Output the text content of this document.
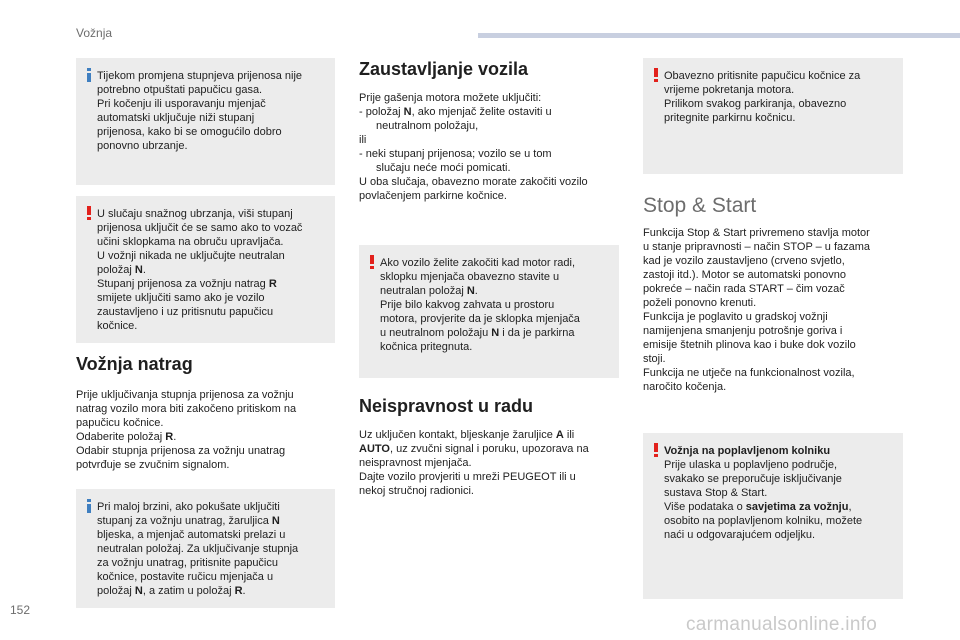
Vožnja

Tijekom promjena stupnjeva prijenosa nije

potrebno otpuštati papučicu gasa.

Pri kočenju ili usporavanju mjenjač

automatski uključuje niži stupanj

prijenosa, kako bi se omogućilo dobro

ponovno ubrzanje.

U slučaju snažnog ubrzanja, viši stupanj

prijenosa uključit će se samo ako to vozač

učini sklopkama na obruču upravljača.

U vožnji nikada ne uključujte neutralan

položaj N.

Stupanj prijenosa za vožnju natrag R

smijete uključiti samo ako je vozilo

zaustavljeno i uz pritisnutu papučicu

kočnice.

Vožnja natrag

Prije uključivanja stupnja prijenosa za vožnju

natrag vozilo mora biti zakočeno pritiskom na

papučicu kočnice.

Odaberite položaj R.

Odabir stupnja prijenosa za vožnju unatrag

potvrđuje se zvučnim signalom.

Pri maloj brzini, ako pokušate uključiti

stupanj za vožnju unatrag, žaruljica N

bljeska, a mjenjač automatski prelazi u

neutralan položaj. Za uključivanje stupnja

za vožnju unatrag, pritisnite papučicu

kočnice, postavite ručicu mjenjača u

položaj N, a zatim u položaj R.

Zaustavljanje vozila

Prije gašenja motora možete uključiti:

- položaj N, ako mjenjač želite ostaviti u

neutralnom položaju,

ili

- neki stupanj prijenosa; vozilo se u tom

slučaju neće moći pomicati.

U oba slučaja, obavezno morate zakočiti vozilo

povlačenjem parkirne kočnice.

Ako vozilo želite zakočiti kad motor radi,

sklopku mjenjača obavezno stavite u

neutralan položaj N.

Prije bilo kakvog zahvata u prostoru

motora, provjerite da je sklopka mjenjača

u neutralnom položaju N i da je parkirna

kočnica pritegnuta.

Neispravnost u radu

Uz uključen kontakt, bljeskanje žaruljice A ili

AUTO, uz zvučni signal i poruku, upozorava na

neispravnost mjenjača.

Dajte vozilo provjeriti u mreži PEUGEOT ili u

nekoj stručnoj radionici.

Obavezno pritisnite papučicu kočnice za

vrijeme pokretanja motora.

Prilikom svakog parkiranja, obavezno

pritegnite parkirnu kočnicu.

Stop & Start

Funkcija Stop & Start privremeno stavlja motor

u stanje pripravnosti – način STOP – u fazama

kad je vozilo zaustavljeno (crveno svjetlo,

zastoji itd.). Motor se automatski ponovno

pokreće – način rada START – čim vozač

poželi ponovno krenuti.

Funkcija je poglavito u gradskoj vožnji

namijenjena smanjenju potrošnje goriva i

emisije štetnih plinova kao i buke dok vozilo

stoji.

Funkcija ne utječe na funkcionalnost vozila,

naročito kočenja.

Vožnja na poplavljenom kolniku

Prije ulaska u poplavljeno područje,

svakako se preporučuje isključivanje

sustava Stop & Start.

Više podataka o savjetima za vožnju,

osobito na poplavljenom kolniku, možete

naći u odgovarajućem odjeljku.

152
carmanualsonline.info
